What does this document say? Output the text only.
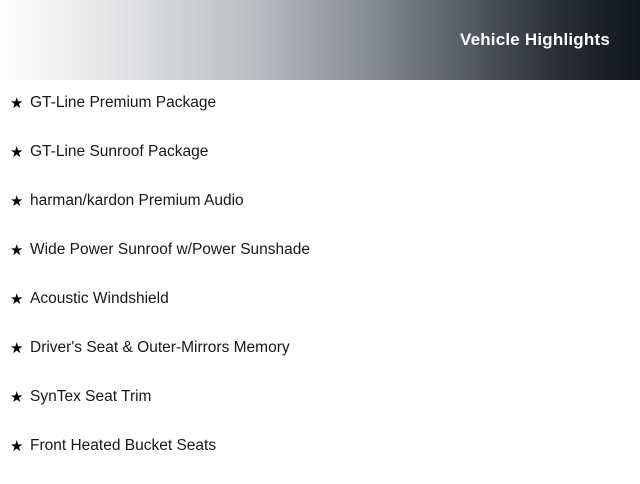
Vehicle Highlights
★ GT-Line Premium Package
★ GT-Line Sunroof Package
★ harman/kardon Premium Audio
★ Wide Power Sunroof w/Power Sunshade
★ Acoustic Windshield
★ Driver's Seat & Outer-Mirrors Memory
★ SynTex Seat Trim
★ Front Heated Bucket Seats
